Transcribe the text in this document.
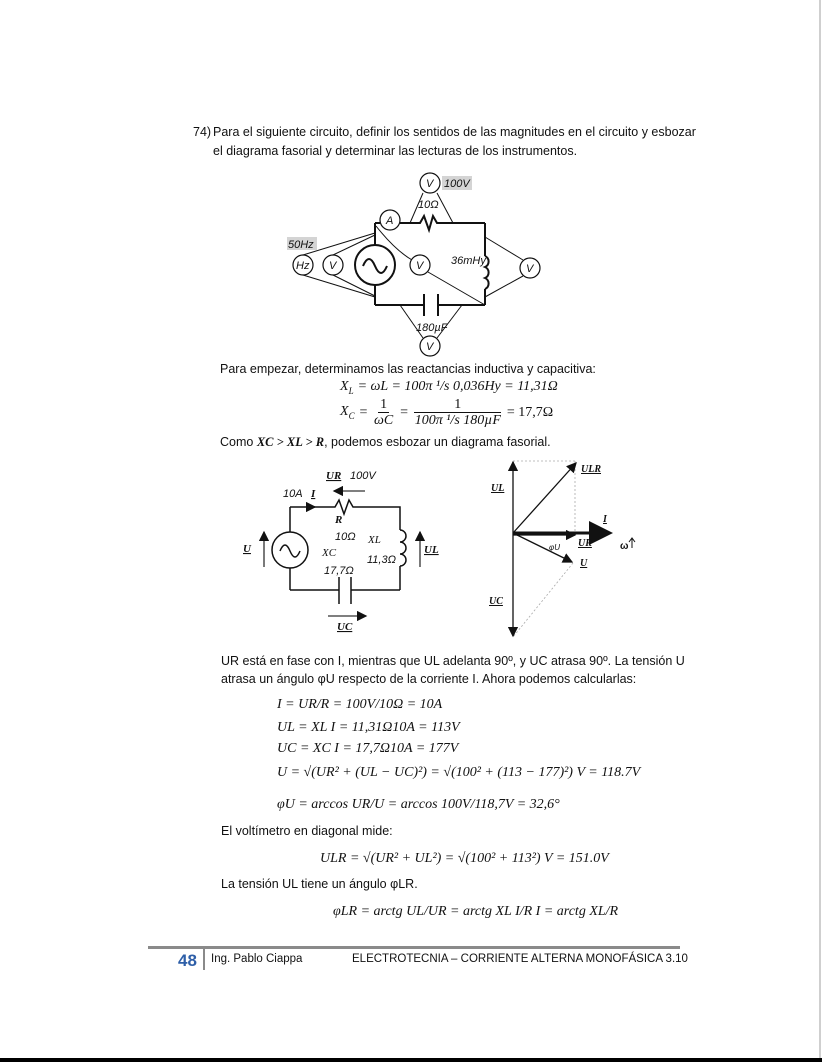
74) Para el siguiente circuito, definir los sentidos de las magnitudes en el circuito y esbozar
el diagrama fasorial y determinar las lecturas de los instrumentos.
V
A
Hz V	V	V
V
100V
50Hz
10Ω
36mHy
180µF
Para empezar, determinamos las reactancias inductiva y capacitiva:
$X_L = \omega L = 100\pi$ ¹/s 0,036Hy = 11,31Ω
$X_C = \frac{1}{\omega C} = \frac{1}{\text{100π ¹/s 180µF}} = 17,7\Omega$
Como XC > XL > R, podemos esbozar un diagrama fasorial.
UR 100V
10A I
R
10Ω XL
XC
11,3Ω
17,7Ω
U	UL
UC
ULR
UL
I
UR
φU
U
UC
ω
UR está en fase con I, mientras que UL adelanta 90º, y UC atrasa 90º. La tensión U
atrasa un ángulo φU respecto de la corriente I. Ahora podemos calcularlas:
I = UR/R = 100V/10Ω = 10A
UL = XL I = 11,31Ω10A = 113V
UC = XC I = 17,7Ω10A = 177V
U = √(UR² + (UL − UC)²) = √(100² + (113 − 177)²) V = 118.7V
φU = arccos UR/U = arccos 100V/118,7V = 32,6°
El voltímetro en diagonal mide:
ULR = √(UR² + UL²) = √(100² + 113²) V = 151.0V
La tensión UL tiene un ángulo φLR.
φLR = arctg UL/UR = arctg XL I/R I = arctg XL/R
48 Ing. Pablo Ciappa	ELECTROTECNIA – CORRIENTE ALTERNA MONOFÁSICA 3.10
